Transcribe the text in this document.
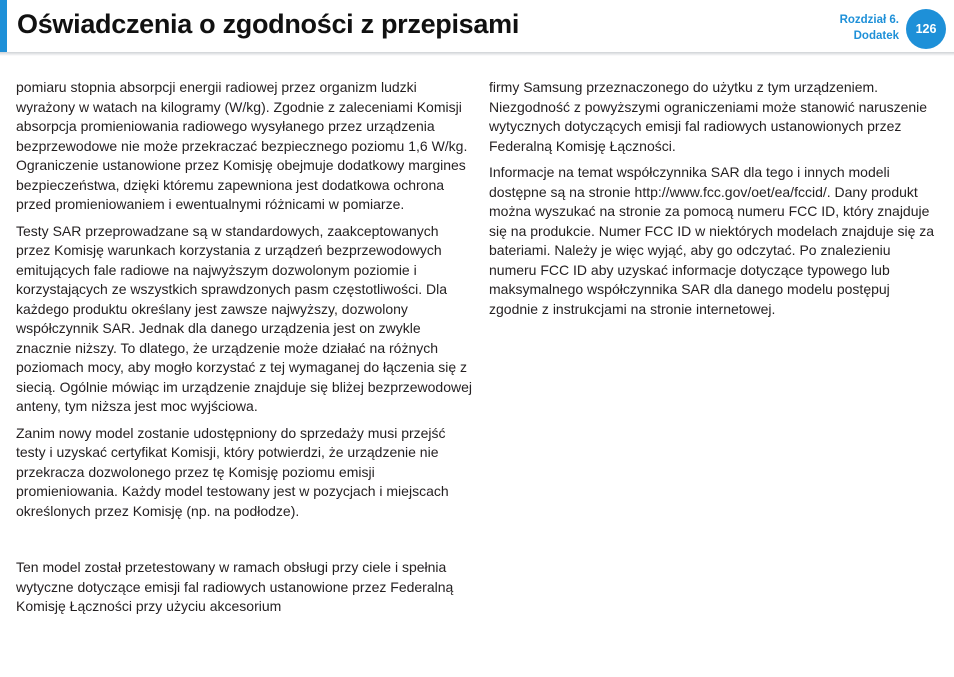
Oświadczenia o zgodności z przepisami	Rozdział 6.
Dodatek	126

pomiaru stopnia absorpcji energii radiowej przez organizm ludzki wyrażony w watach na kilogramy (W/kg). Zgodnie z zaleceniami Komisji absorpcja promieniowania radiowego wysyłanego przez urządzenia bezprzewodowe nie może przekraczać bezpiecznego poziomu 1,6 W/kg. Ograniczenie ustanowione przez Komisję obejmuje dodatkowy margines bezpieczeństwa, dzięki któremu zapewniona jest dodatkowa ochrona przed promieniowaniem i ewentualnymi różnicami w pomiarze.

Testy SAR przeprowadzane są w standardowych, zaakceptowanych przez Komisję warunkach korzystania z urządzeń bezprzewodowych emitujących fale radiowe na najwyższym dozwolonym poziomie i korzystających ze wszystkich sprawdzonych pasm częstotliwości. Dla każdego produktu określany jest zawsze najwyższy, dozwolony współczynnik SAR. Jednak dla danego urządzenia jest on zwykle znacznie niższy. To dlatego, że urządzenie może działać na różnych poziomach mocy, aby mogło korzystać z tej wymaganej do łączenia się z siecią. Ogólnie mówiąc im urządzenie znajduje się bliżej bezprzewodowej anteny, tym niższa jest moc wyjściowa.

Zanim nowy model zostanie udostępniony do sprzedaży musi przejść testy i uzyskać certyfikat Komisji, który potwierdzi, że urządzenie nie przekracza dozwolonego przez tę Komisję poziomu emisji promieniowania. Każdy model testowany jest w pozycjach i miejscach określonych przez Komisję (np. na podłodze).

Ten model został przetestowany w ramach obsługi przy ciele i spełnia wytyczne dotyczące emisji fal radiowych ustanowione przez Federalną Komisję Łączności przy użyciu akcesorium

firmy Samsung przeznaczonego do użytku z tym urządzeniem. Niezgodność z powyższymi ograniczeniami może stanowić naruszenie wytycznych dotyczących emisji fal radiowych ustanowionych przez Federalną Komisję Łączności.

Informacje na temat współczynnika SAR dla tego i innych modeli dostępne są na stronie http://www.fcc.gov/oet/ea/fccid/. Dany produkt można wyszukać na stronie za pomocą numeru FCC ID, który znajduje się na produkcie. Numer FCC ID w niektórych modelach znajduje się za bateriami. Należy je więc wyjąć, aby go odczytać. Po znalezieniu numeru FCC ID aby uzyskać informacje dotyczące typowego lub maksymalnego współczynnika SAR dla danego modelu postępuj zgodnie z instrukcjami na stronie internetowej.
